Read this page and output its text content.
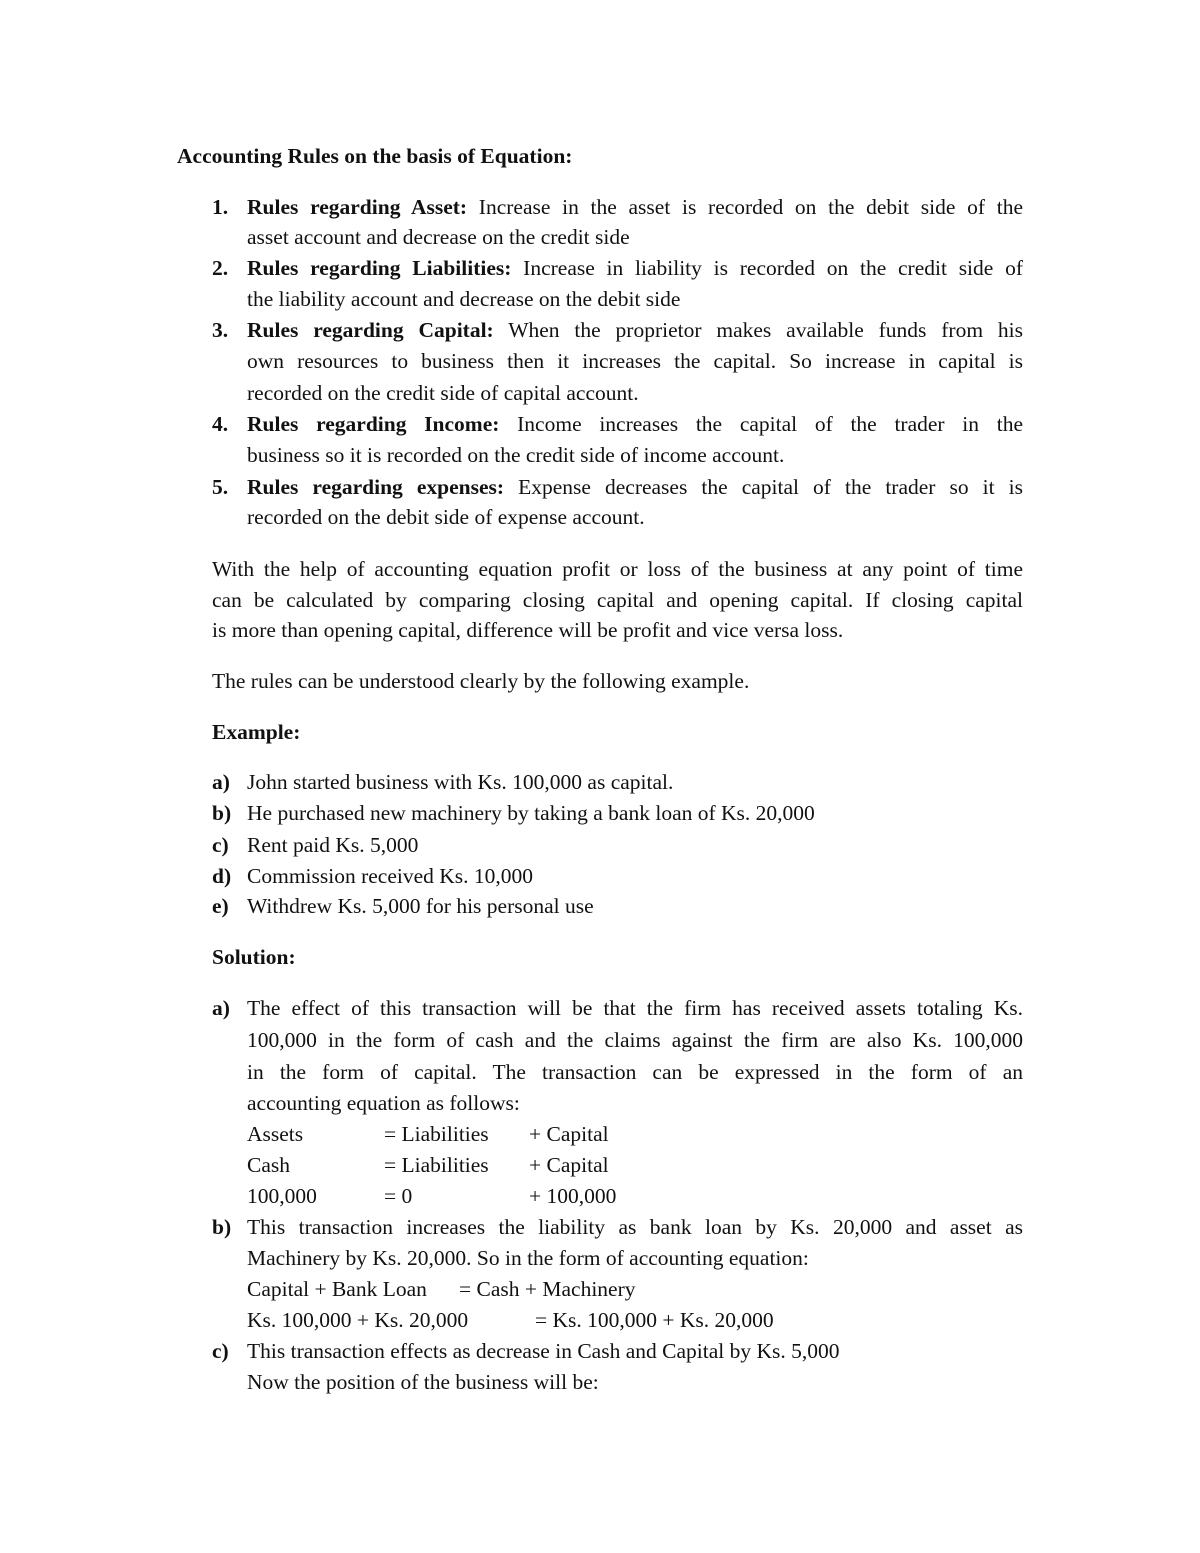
Accounting Rules on the basis of Equation:
1. Rules regarding Asset: Increase in the asset is recorded on the debit side of the
asset account and decrease on the credit side
2. Rules regarding Liabilities: Increase in liability is recorded on the credit side of
the liability account and decrease on the debit side
3. Rules regarding Capital: When the proprietor makes available funds from his
own resources to business then it increases the capital. So increase in capital is
recorded on the credit side of capital account.
4. Rules regarding Income: Income increases the capital of the trader in the
business so it is recorded on the credit side of income account.
5. Rules regarding expenses: Expense decreases the capital of the trader so it is
recorded on the debit side of expense account.
With the help of accounting equation profit or loss of the business at any point of time
can be calculated by comparing closing capital and opening capital. If closing capital
is more than opening capital, difference will be profit and vice versa loss.
The rules can be understood clearly by the following example.
Example:
a) John started business with Ks. 100,000 as capital.
b) He purchased new machinery by taking a bank loan of Ks. 20,000
c) Rent paid Ks. 5,000
d) Commission received Ks. 10,000
e) Withdrew Ks. 5,000 for his personal use
Solution:
a) The effect of this transaction will be that the firm has received assets totaling Ks.
100,000 in the form of cash and the claims against the firm are also Ks. 100,000
in the form of capital. The transaction can be expressed in the form of an
accounting equation as follows:
Assets	= Liabilities + Capital
Cash	= Liabilities + Capital
100,000	= 0	+ 100,000
b) This transaction increases the liability as bank loan by Ks. 20,000 and asset as
Machinery by Ks. 20,000. So in the form of accounting equation:
Capital + Bank Loan = Cash + Machinery
Ks. 100,000 + Ks. 20,000	= Ks. 100,000 + Ks. 20,000
c) This transaction effects as decrease in Cash and Capital by Ks. 5,000
Now the position of the business will be:
